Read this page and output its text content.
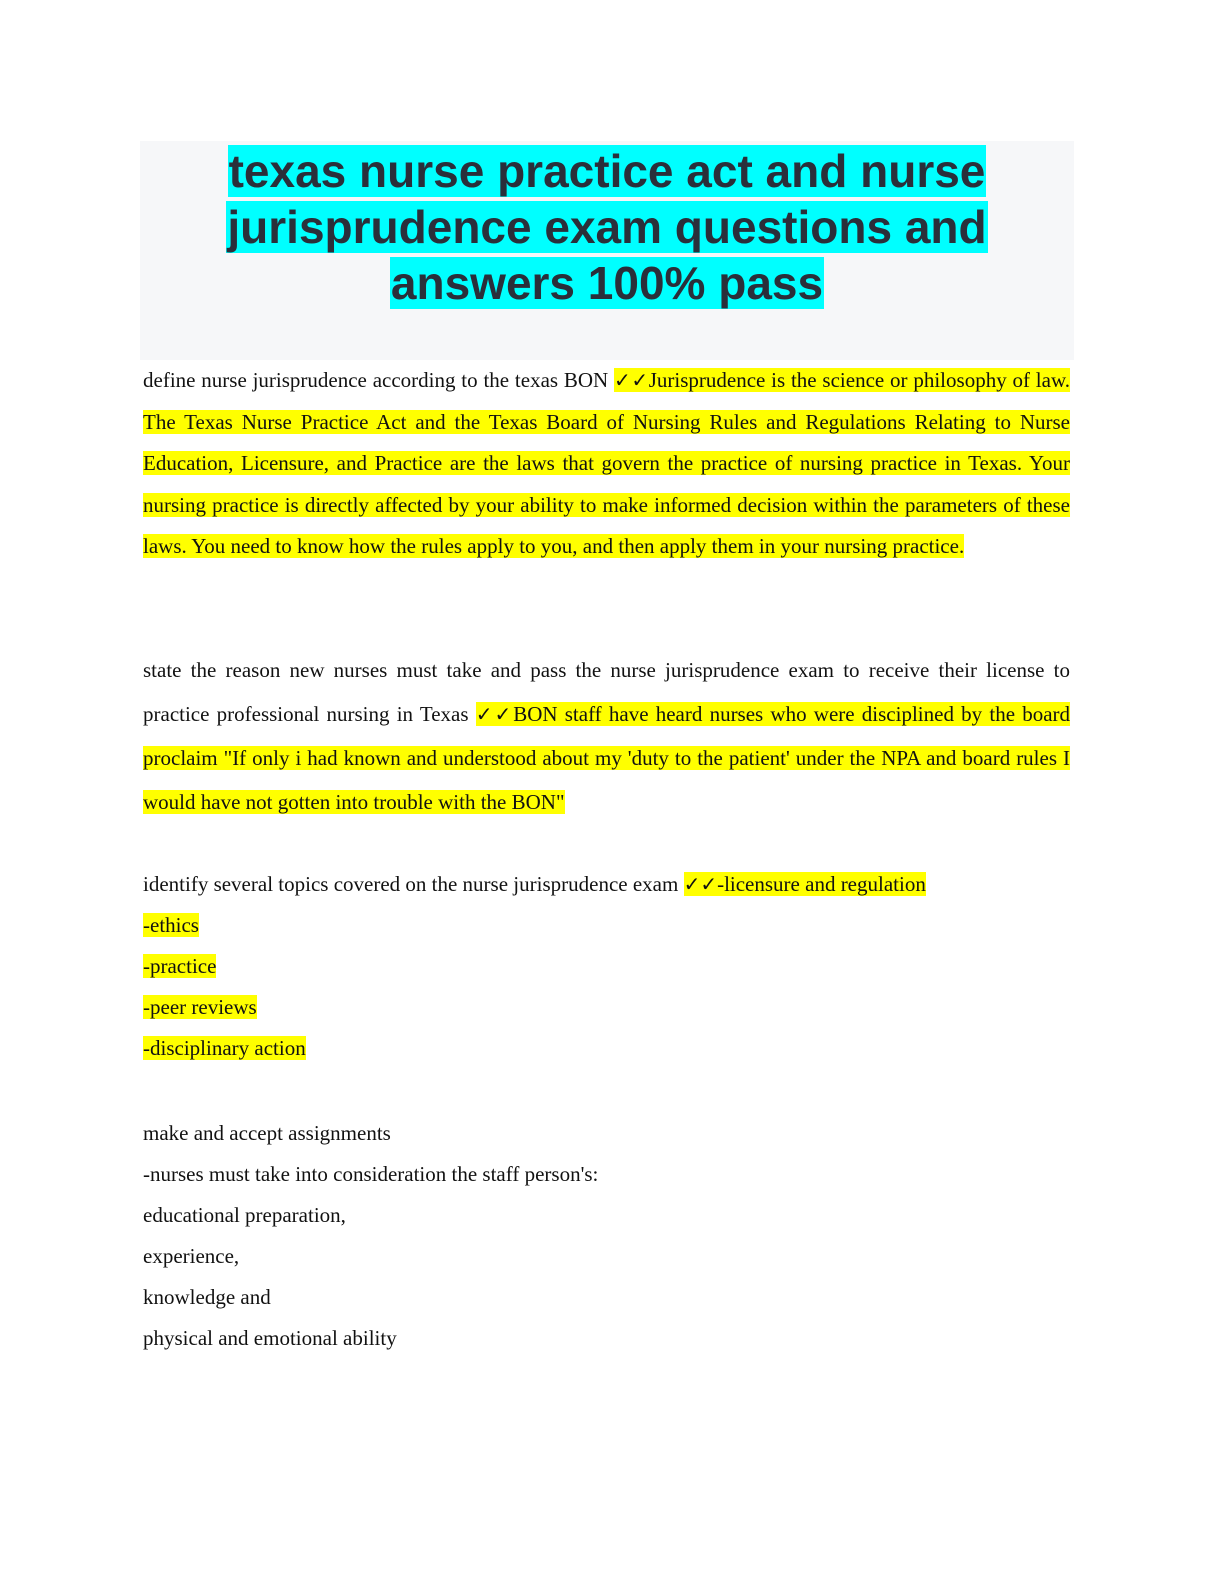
texas nurse practice act and nurse
jurisprudence exam questions and
answers 100% pass

define nurse jurisprudence according to the texas BON ✓✓Jurisprudence is the science or philosophy of law. The Texas Nurse Practice Act and the Texas Board of Nursing Rules and Regulations Relating to Nurse Education, Licensure, and Practice are the laws that govern the practice of nursing practice in Texas. Your nursing practice is directly affected by your ability to make informed decision within the parameters of these laws. You need to know how the rules apply to you, and then apply them in your nursing practice.

state the reason new nurses must take and pass the nurse jurisprudence exam to receive their license to practice professional nursing in Texas ✓✓BON staff have heard nurses who were disciplined by the board proclaim "If only i had known and understood about my 'duty to the patient' under the NPA and board rules I would have not gotten into trouble with the BON"

identify several topics covered on the nurse jurisprudence exam ✓✓-licensure and regulation
-ethics
-practice
-peer reviews
-disciplinary action
make and accept assignments
-nurses must take into consideration the staff person's:
educational preparation,
experience,
knowledge and
physical and emotional ability
